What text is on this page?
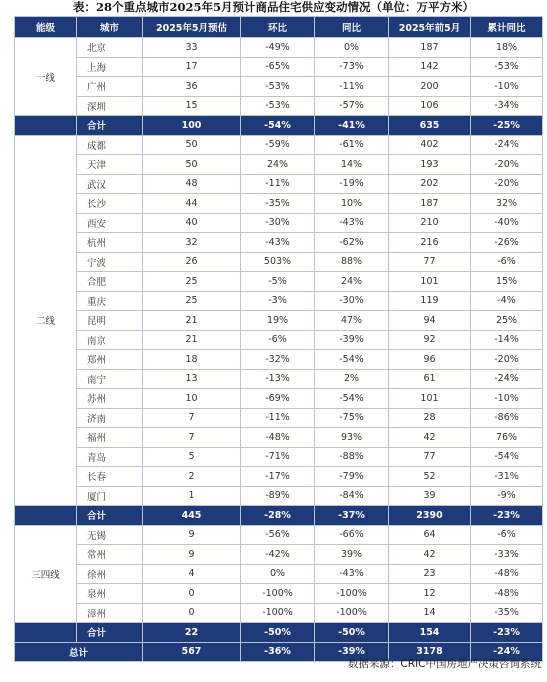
表：28个重点城市2025年5月预计商品住宅供应变动情况（单位：万平方米）
能级	城市	2025年5月预估	环比	同比	2025年前5月	累计同比
一线	北京	33	-49%	0%	187	18%
	上海	17	-65%	-73%	142	-53%
	广州	36	-53%	-11%	200	-10%
	深圳	15	-53%	-57%	106	-34%
	合计	100	-54%	-41%	635	-25%
二线	成都	50	-59%	-61%	402	-24%
	天津	50	24%	14%	193	-20%
	武汉	48	-11%	-19%	202	-20%
	长沙	44	-35%	10%	187	32%
	西安	40	-30%	-43%	210	-40%
	杭州	32	-43%	-62%	216	-26%
	宁波	26	503%	88%	77	-6%
	合肥	25	-5%	24%	101	15%
	重庆	25	-3%	-30%	119	-4%
	昆明	21	19%	47%	94	25%
	南京	21	-6%	-39%	92	-14%
	郑州	18	-32%	-54%	96	-20%
	南宁	13	-13%	2%	61	-24%
	苏州	10	-69%	-54%	101	-10%
	济南	7	-11%	-75%	28	-86%
	福州	7	-48%	93%	42	76%
	青岛	5	-71%	-88%	77	-54%
	长春	2	-17%	-79%	52	-31%
	厦门	1	-89%	-84%	39	-9%
	合计	445	-28%	-37%	2390	-23%
三四线	无锡	9	-56%	-66%	64	-6%
	常州	9	-42%	39%	42	-33%
	徐州	4	0%	-43%	23	-48%
	泉州	0	-100%	-100%	12	-48%
	漳州	0	-100%	-100%	14	-35%
	合计	22	-50%	-50%	154	-23%
总计		567	-36%	-39%	3178	-24%
数据来源：CRIC中国房地产决策咨询系统
